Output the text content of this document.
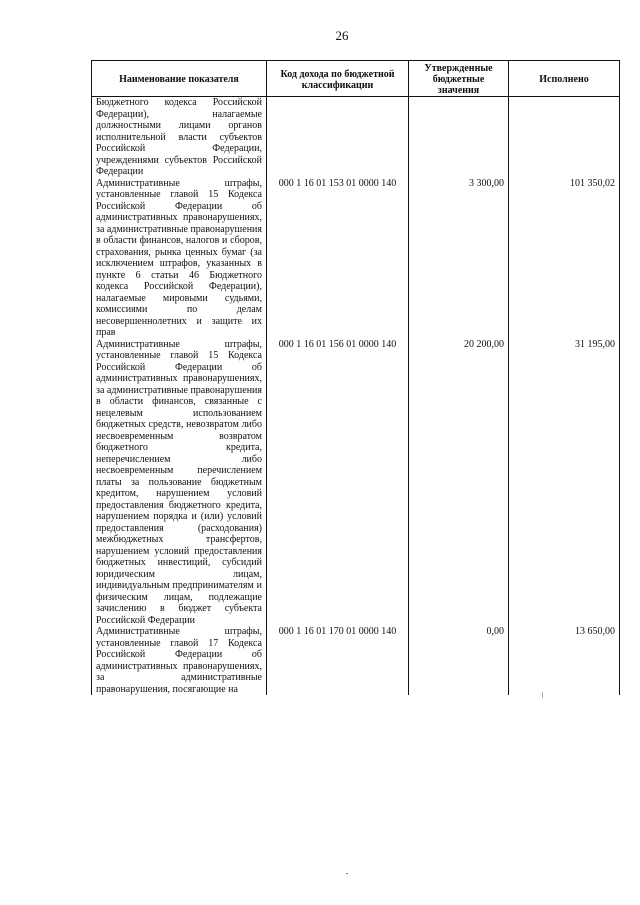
26
Наименование показателя	Код дохода по бюджетной классификации	Утвержденные бюджетные значения	Исполнено
Бюджетного кодекса Российской Федерации), налагаемые должностными лицами органов исполнительной власти субъектов Российской Федерации, учреждениями субъектов Российской Федерации			
Административные штрафы, установленные главой 15 Кодекса Российской Федерации об административных правонарушениях, за административные правонарушения в области финансов, налогов и сборов, страхования, рынка ценных бумаг (за исключением штрафов, указанных в пункте 6 статьи 46 Бюджетного кодекса Российской Федерации), налагаемые мировыми судьями, комиссиями по делам несовершеннолетних и защите их прав	000 1 16 01 153 01 0000 140	3 300,00	101 350,02
Административные штрафы, установленные главой 15 Кодекса Российской Федерации об административных правонарушениях, за административные правонарушения в области финансов, связанные с нецелевым использованием бюджетных средств, невозвратом либо несвоевременным возвратом бюджетного кредита, неперечислением либо несвоевременным перечислением платы за пользование бюджетным кредитом, нарушением условий предоставления бюджетного кредита, нарушением порядка и (или) условий предоставления (расходования) межбюджетных трансфертов, нарушением условий предоставления бюджетных инвестиций, субсидий юридическим лицам, индивидуальным предпринимателям и физическим лицам, подлежащие зачислению в бюджет субъекта Российской Федерации	000 1 16 01 156 01 0000 140	20 200,00	31 195,00
Административные штрафы, установленные главой 17 Кодекса Российской Федерации об административных правонарушениях, за административные правонарушения, посягающие на	000 1 16 01 170 01 0000 140	0,00	13 650,00
